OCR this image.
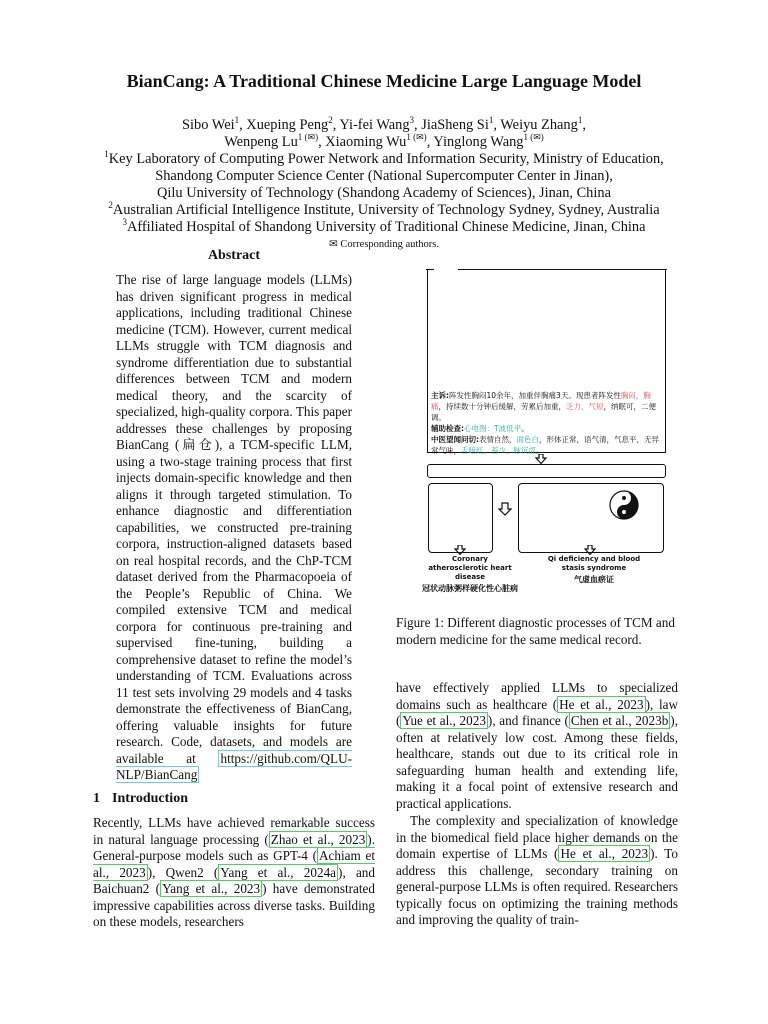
BianCang: A Traditional Chinese Medicine Large Language Model
Sibo Wei$^1$, Xueping Peng$^2$, Yi-fei Wang$^3$, JiaSheng Si$^1$, Weiyu Zhang$^1$,
Wenpeng $Lu^{1 (✉)}$, Xiaoming $Wu^{1 (✉)}$, Yinglong Wang$^{1 (✉)}$
$^1$Key Laboratory of Computing Power Network and Information Security, Ministry of Education,
Shandong Computer Science Center (National Supercomputer Center in Jinan),
Qilu University of Technology (Shandong Academy of Sciences), Jinan, China
$^2$Australian Artificial Intelligence Institute, University of Technology Sydney, Sydney, Australia
$^3$Affiliated Hospital of Shandong University of Traditional Chinese Medicine, Jinan, China
✉ Corresponding authors.
Abstract
The rise of large language models (LLMs) has driven significant progress in medical applications, including traditional Chinese medicine (TCM). However, current medical LLMs struggle with TCM diagnosis and syndrome differentiation due to substantial differences between TCM and modern medical theory, and the scarcity of specialized, high-quality corpora. This paper addresses these challenges by proposing BianCang (扁仓), a TCM-specific LLM, using a two-stage training process that first injects domain-specific knowledge and then aligns it through targeted stimulation. To enhance diagnostic and differentiation capabilities, we constructed pre-training corpora, instruction-aligned datasets based on real hospital records, and the ChP-TCM dataset derived from the Pharmacopoeia of the People’s Republic of China. We compiled extensive TCM and medical corpora for continuous pre-training and supervised fine-tuning, building a comprehensive dataset to refine the model’s understanding of TCM. Evaluations across 11 test sets involving 29 models and 4 tasks demonstrate the effectiveness of BianCang, offering valuable insights for future research. Code, datasets, and models are available at https://github.com/QLU-NLP/BianCang
1 Introduction
Recently, LLMs have achieved remarkable success in natural language processing ( Zhao et al., 2023 ). General-purpose models such as GPT-4 ( Achiam et al., 2023 ), Qwen2 ( Yang et al., 2024a ), and Baichuan2 ( Yang et al., 2023 ) have demonstrated impressive capabilities across diverse tasks. Building on these models, researchers
主诉:阵发性胸闷10余年，加重伴胸痛3天。现患者阵发性胸闷，胸痛，持续数十分钟后缓解，劳累后加重，乏力，气短，纳眠可，二便调。
辅助检查:心电图：T波低平。
中医望闻问切:表情自然，面色白，形体正常，语气清，气息平，无异常气味，舌暗红，苔少，脉沉涩。
Coronary atherosclerotic heart disease
冠状动脉粥样硬化性心脏病
Qi deficiency and blood stasis syndrome
气虚血瘀证
Figure 1: Different diagnostic processes of TCM and modern medicine for the same medical record.
have effectively applied LLMs to specialized domains such as healthcare ( He et al., 2023 ), law ( Yue et al., 2023 ), and finance ( Chen et al., 2023b ), often at relatively low cost. Among these fields, healthcare, stands out due to its critical role in safeguarding human health and extending life, making it a focal point of extensive research and practical applications.
The complexity and specialization of knowledge in the biomedical field place higher demands on the domain expertise of LLMs ( He et al., 2023 ). To address this challenge, secondary training on general-purpose LLMs is often required. Researchers typically focus on optimizing the training methods and improving the quality of train-
